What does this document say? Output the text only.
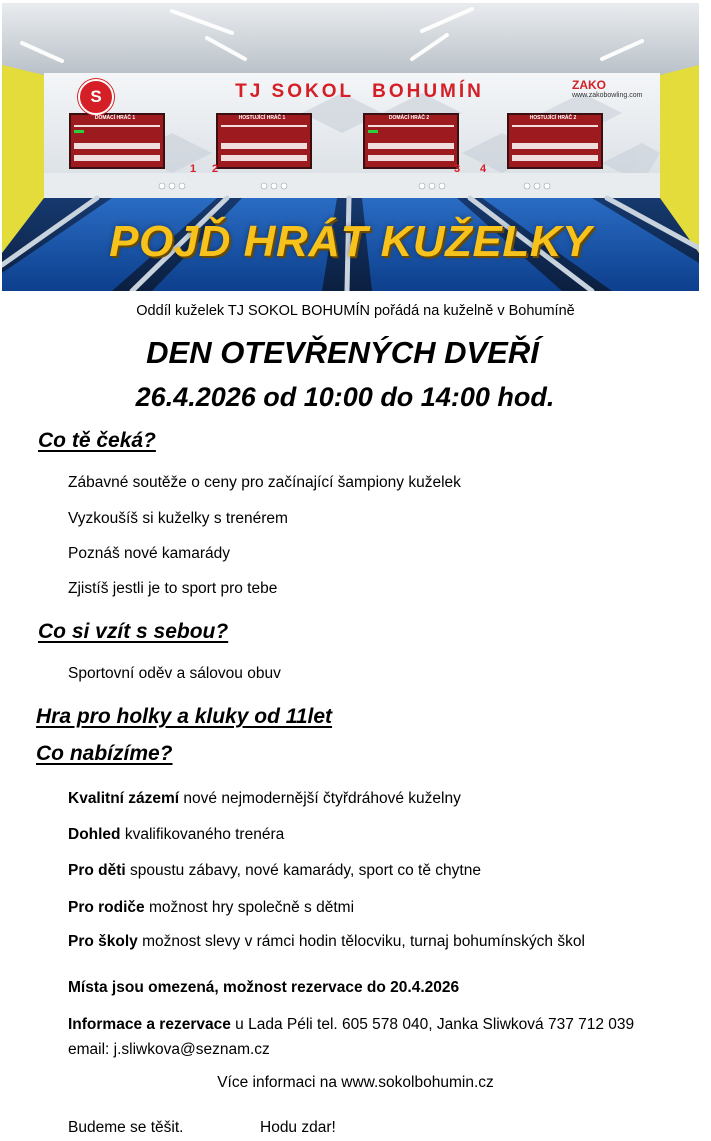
S	TJ SOKOL BOHUMÍN	ZAKO
www.zakobowling.com
DOMÁCÍ HRÁČ 1	HOSTUJÍCÍ HRÁČ 1	DOMÁCÍ HRÁČ 2	HOSTUJÍCÍ HRÁČ 2
1	2	3	4
POJĎ HRÁT KUŽELKY
Oddíl kuželek TJ SOKOL BOHUMÍN pořádá na kuželně v Bohumíně
DEN OTEVŘENÝCH DVEŘÍ
26.4.2026 od 10:00 do 14:00 hod.
Co tě čeká?
Zábavné soutěže o ceny pro začínající šampiony kuželek
Vyzkoušíš si kuželky s trenérem
Poznáš nové kamarády
Zjistíš jestli je to sport pro tebe
Co si vzít s sebou?
Sportovní oděv a sálovou obuv
Hra pro holky a kluky od 11let
Co nabízíme?
Kvalitní zázemí nové nejmodernější čtyřdráhové kuželny
Dohled kvalifikovaného trenéra
Pro děti spoustu zábavy, nové kamarády, sport co tě chytne
Pro rodiče možnost hry společně s dětmi
Pro školy možnost slevy v rámci hodin tělocviku, turnaj bohumínských škol
Místa jsou omezená, možnost rezervace do 20.4.2026
Informace a rezervace u Lada Péli tel. 605 578 040, Janka Sliwková 737 712 039
email: j.sliwkova@seznam.cz
Více informaci na www.sokolbohumin.cz
Budeme se těšit.	Hodu zdar!
